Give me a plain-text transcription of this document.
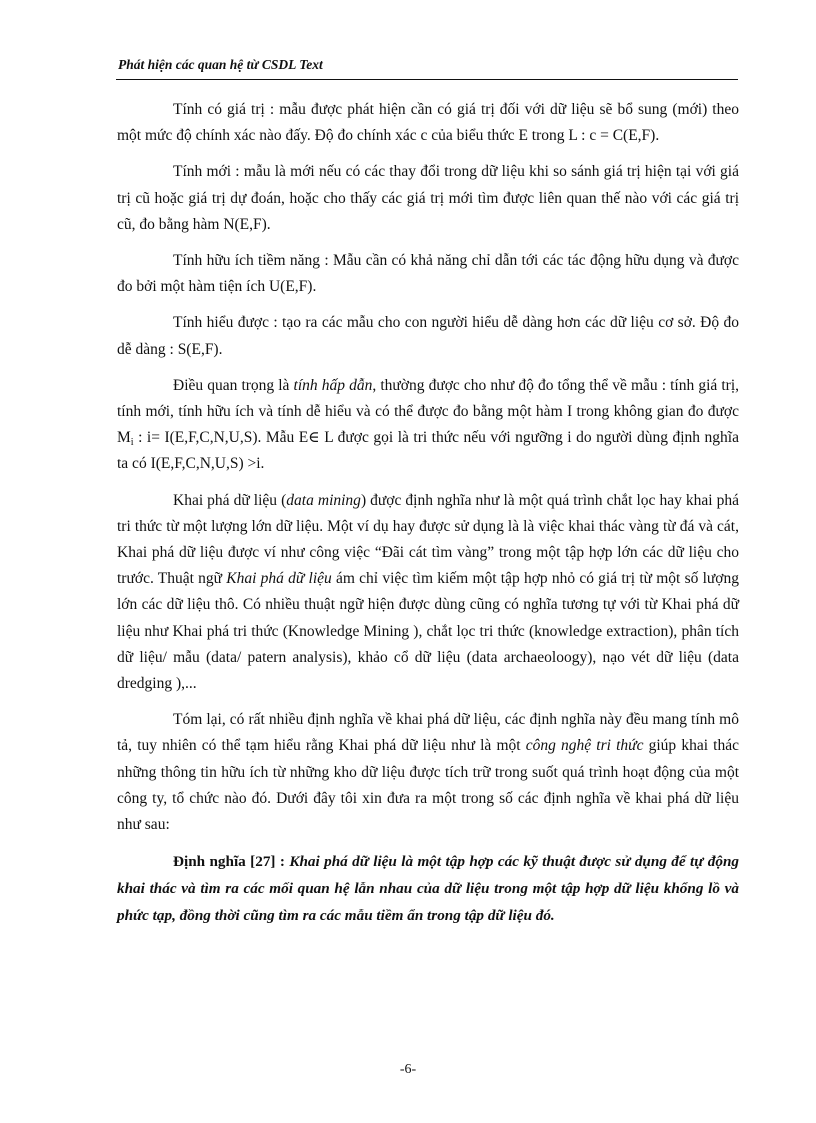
Phát hiện các quan hệ từ CSDL Text

Tính có giá trị : mẫu được phát hiện cần có giá trị đối với dữ liệu sẽ bổ sung (mới) theo một mức độ chính xác nào đấy. Độ đo chính xác c của biểu thức E trong L : c = C(E,F).

Tính mới : mẫu là mới nếu có các thay đổi trong dữ liệu khi so sánh giá trị hiện tại với giá trị cũ hoặc giá trị dự đoán, hoặc cho thấy các giá trị mới tìm được liên quan thế nào với các giá trị cũ, đo bằng hàm N(E,F).

Tính hữu ích tiềm năng : Mẫu cần có khả năng chỉ dẫn tới các tác động hữu dụng và được đo bởi một hàm tiện ích U(E,F).

Tính hiểu được : tạo ra các mẫu cho con người hiểu dễ dàng hơn các dữ liệu cơ sở. Độ đo dễ dàng : S(E,F).

Điều quan trọng là tính hấp dẫn, thường được cho như độ đo tổng thể về mẫu : tính giá trị, tính mới, tính hữu ích và tính dễ hiểu và có thể được đo bằng một hàm I trong không gian đo được $M_i$ : i= I(E,F,C,N,U,S). Mẫu E∈ L được gọi là tri thức nếu với ngưỡng i do người dùng định nghĩa ta có I(E,F,C,N,U,S) >i.

Khai phá dữ liệu (data mining) được định nghĩa như là một quá trình chắt lọc hay khai phá tri thức từ một lượng lớn dữ liệu. Một ví dụ hay được sử dụng là là việc khai thác vàng từ đá và cát, Khai phá dữ liệu được ví như công việc “Đãi cát tìm vàng” trong một tập hợp lớn các dữ liệu cho trước. Thuật ngữ Khai phá dữ liệu ám chỉ việc tìm kiếm một tập hợp nhỏ có giá trị từ một số lượng lớn các dữ liệu thô. Có nhiều thuật ngữ hiện được dùng cũng có nghĩa tương tự với từ Khai phá dữ liệu như Khai phá tri thức (Knowledge Mining ), chắt lọc tri thức (knowledge extraction), phân tích dữ liệu/ mẫu (data/ patern analysis), khảo cổ dữ liệu (data archaeoloogy), nạo vét dữ liệu (data dredging ),...

Tóm lại, có rất nhiều định nghĩa về khai phá dữ liệu, các định nghĩa này đều mang tính mô tả, tuy nhiên có thể tạm hiểu rằng Khai phá dữ liệu như là một công nghệ tri thức giúp khai thác những thông tin hữu ích từ những kho dữ liệu được tích trữ trong suốt quá trình hoạt động của một công ty, tổ chức nào đó. Dưới đây tôi xin đưa ra một trong số các định nghĩa về khai phá dữ liệu như sau:

Định nghĩa [27] : Khai phá dữ liệu là một tập hợp các kỹ thuật được sử dụng để tự động khai thác và tìm ra các mối quan hệ lẫn nhau của dữ liệu trong một tập hợp dữ liệu khổng lồ và phức tạp, đồng thời cũng tìm ra các mẫu tiềm ẩn trong tập dữ liệu đó.

-6-
